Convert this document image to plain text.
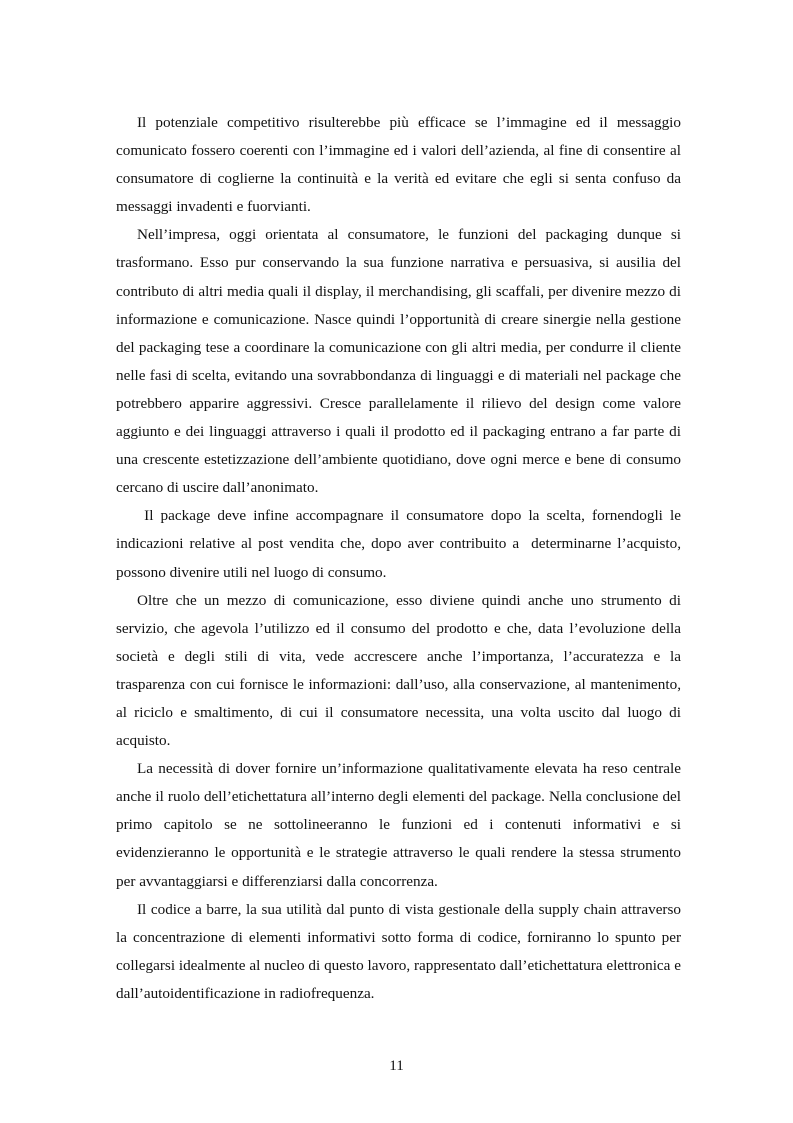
Il potenziale competitivo risulterebbe più efficace se l’immagine ed il messaggio comunicato fossero coerenti con l’immagine ed i valori dell’azienda, al fine di consentire al consumatore di coglierne la continuità e la verità ed evitare che egli si senta confuso da messaggi invadenti e fuorvianti.

Nell’impresa, oggi orientata al consumatore, le funzioni del packaging dunque si trasformano. Esso pur conservando la sua funzione narrativa e persuasiva, si ausilia del contributo di altri media quali il display, il merchandising, gli scaffali, per divenire mezzo di informazione e comunicazione. Nasce quindi l’opportunità di creare sinergie nella gestione del packaging tese a coordinare la comunicazione con gli altri media, per condurre il cliente nelle fasi di scelta, evitando una sovrabbondanza di linguaggi e di materiali nel package che potrebbero apparire aggressivi. Cresce parallelamente il rilievo del design come valore aggiunto e dei linguaggi attraverso i quali il prodotto ed il packaging entrano a far parte di una crescente estetizzazione dell’ambiente quotidiano, dove ogni merce e bene di consumo cercano di uscire dall’anonimato.

Il package deve infine accompagnare il consumatore dopo la scelta, fornendogli le indicazioni relative al post vendita che, dopo aver contribuito a  determinarne l’acquisto, possono divenire utili nel luogo di consumo.

Oltre che un mezzo di comunicazione, esso diviene quindi anche uno strumento di servizio, che agevola l’utilizzo ed il consumo del prodotto e che, data l’evoluzione della società e degli stili di vita, vede accrescere anche l’importanza, l’accuratezza e la trasparenza con cui fornisce le informazioni: dall’uso, alla conservazione, al mantenimento, al riciclo e smaltimento, di cui il consumatore necessita, una volta uscito dal luogo di acquisto.

La necessità di dover fornire un’informazione qualitativamente elevata ha reso centrale anche il ruolo dell’etichettatura all’interno degli elementi del package. Nella conclusione del primo capitolo se ne sottolineeranno le funzioni ed i contenuti informativi e si evidenzieranno le opportunità e le strategie attraverso le quali rendere la stessa strumento per avvantaggiarsi e differenziarsi dalla concorrenza.

Il codice a barre, la sua utilità dal punto di vista gestionale della supply chain attraverso la concentrazione di elementi informativi sotto forma di codice, forniranno lo spunto per collegarsi idealmente al nucleo di questo lavoro, rappresentato dall’etichettatura elettronica e dall’autoidentificazione in radiofrequenza.

11
